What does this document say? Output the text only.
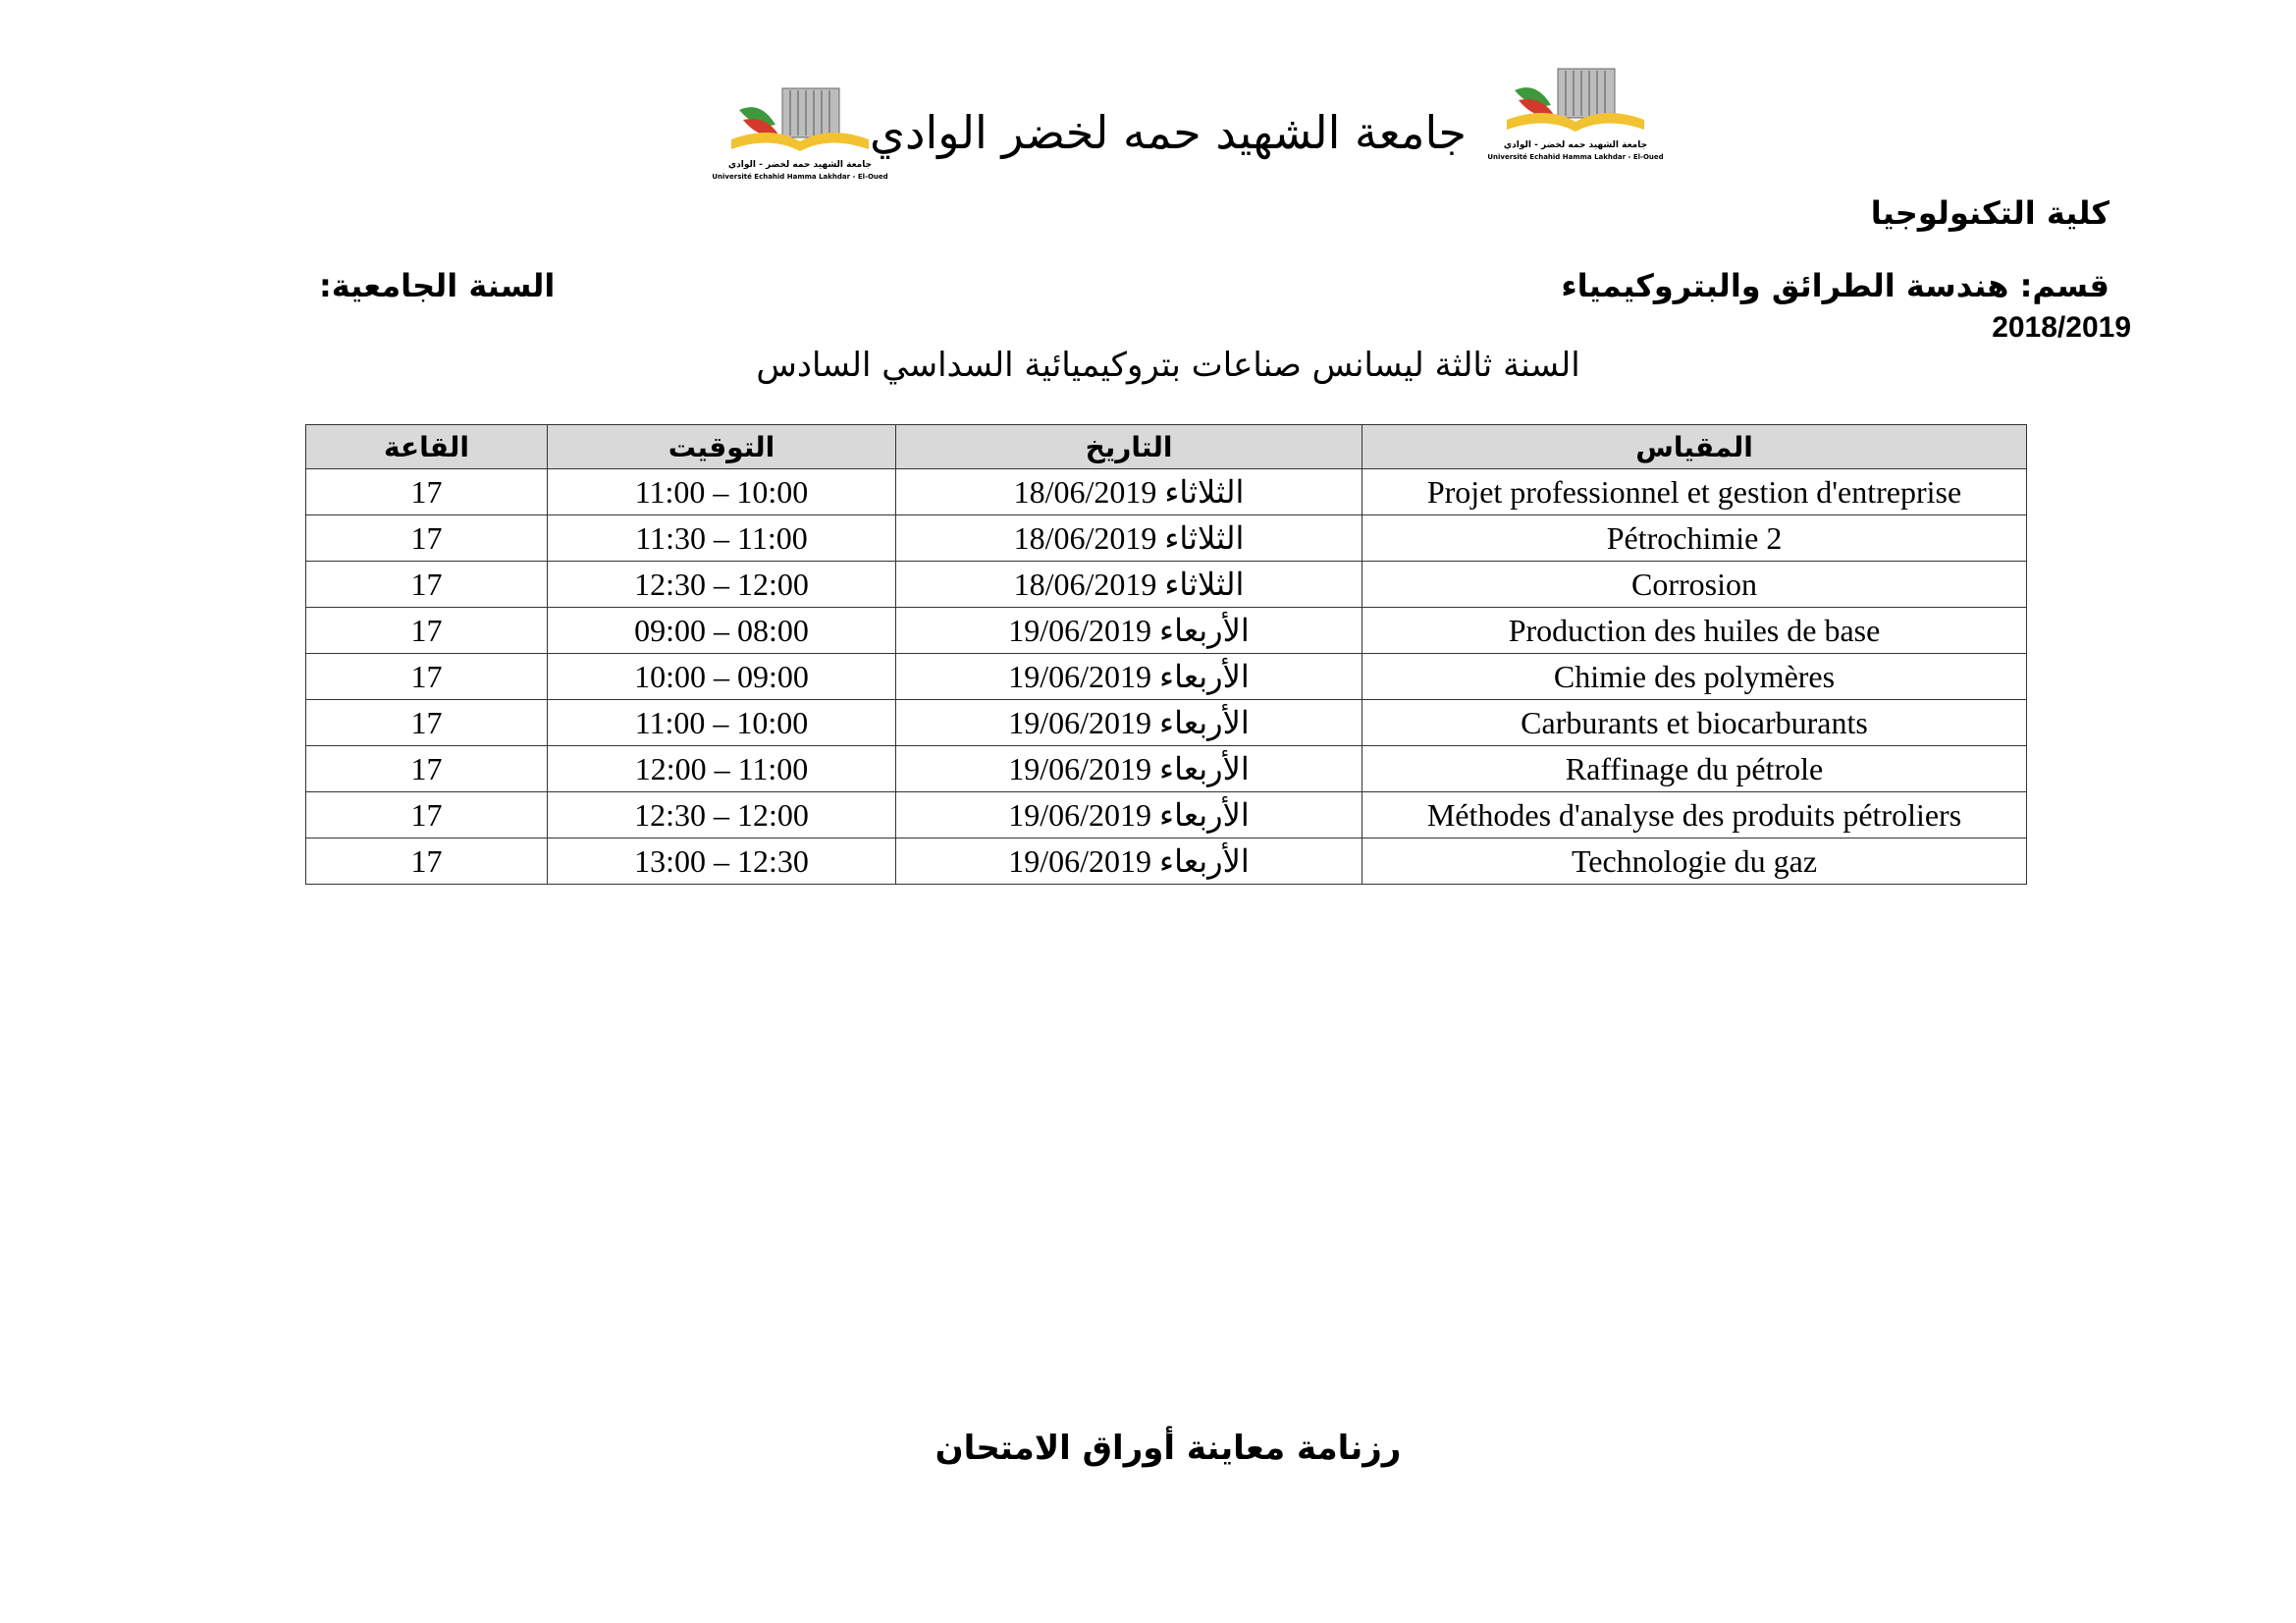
جامعة الشهيد حمه لخضر - الوادي
Université Echahid Hamma Lakhdar - El-Oued
جامعة الشهيد حمه لخضر - الوادي
Université Echahid Hamma Lakhdar - El-Oued
جامعة الشهيد حمه لخضر الوادي
كلية التكنولوجيا
قسم: هندسة الطرائق والبتروكيمياء
السنة الجامعية:
2018/2019
السنة ثالثة ليسانس صناعات بتروكيميائية السداسي السادس
القاعة	التوقيت	التاريخ	المقياس
17	11:00 – 10:00	18/06/2019 الثلاثاء	Projet professionnel et gestion d'entreprise
17	11:30 – 11:00	18/06/2019 الثلاثاء	Pétrochimie 2
17	12:30 – 12:00	18/06/2019 الثلاثاء	Corrosion
17	09:00 – 08:00	19/06/2019 الأربعاء	Production des huiles de base
17	10:00 – 09:00	19/06/2019 الأربعاء	Chimie des polymères
17	11:00 – 10:00	19/06/2019 الأربعاء	Carburants et biocarburants
17	12:00 – 11:00	19/06/2019 الأربعاء	Raffinage du pétrole
17	12:30 – 12:00	19/06/2019 الأربعاء	Méthodes d'analyse des produits pétroliers
17	13:00 – 12:30	19/06/2019 الأربعاء	Technologie du gaz
رزنامة معاينة أوراق الامتحان
